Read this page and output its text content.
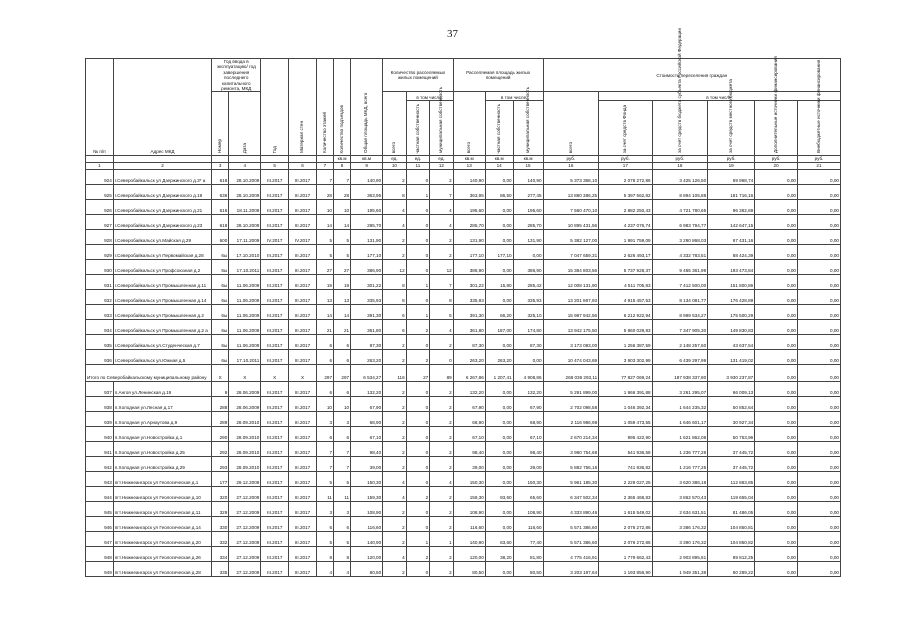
37
№ п/п	Адрес МКД	Год ввода в эксплуатацию/ год завершения последнего капитального ремонта, МКД		Год	Материал стен	Количество этажей	Количество подъездов	Общая площадь МКД, всего	Количество расселяемых жилых помещений			Расселяемая площадь жилых помещений			Стоимость переселения граждан					
		Номер	Дата						всего	в том числе:		всего	в том числе:		всего	в том числе:				
										частная собственность	муниципальная собственность		частная собственность	муниципальная собственность		за счет средств Фонда	за счет средств бюджета субъекта Российской Федерации	за счет средств местного бюджета	Дополнительные источники финансирования	Внебюджетные источники финансирования
							кв.м	кв.м	ед.	ед.	ед.	кв.м	кв.м	кв.м	руб.	руб.	руб.	руб.	руб.	руб.
1	2	3	4	5	6	7	8	9	10	11	12	13	14	15	16	17	18	19	20	21
924	г.Северобайкальск ул Дзержинского д.3* а	618	28.10.2009	III.2017	III.2017	7	7	140,90	2	0	2	140,90	0,00	140,90	5 373 368,10	2 078 272,86	3 425 126,50	69 968,74	0,00	0,00
925	г.Северобайкальск ул Дзержинского д.19	636	28.10.2009	III.2017	III.2017	28	28	363,95	8	1	7	363,95	86,50	277,45	13 880 386,25	5 397 562,82	8 894 105,88	181 716,16	0,00	0,00
926	г.Северобайкальск ул Дзержинского д.21	616	18.11.2009	III.2017	III.2017	10	10	195,60	4	0	4	195,60	0,00	195,60	7 560 470,10	2 882 250,43	4 721 780,65	96 362,69	0,00	0,00
927	г.Северобайкальск ул Дзержинского д.23	618	28.10.2009	III.2017	III.2017	14	14	285,70	4	0	4	285,70	0,00	285,70	10 895 431,56	4 237 076,74	6 983 794,77	142 647,15	0,00	0,00
928	г.Северобайкальск ул.Майская д.29	600	17.11.2009	IV.2017	IV.2017	5	5	131,90	2	0	2	131,90	0,00	131,90	5 382 127,00	1 991 759,09	3 290 868,03	67 431,16	0,00	0,00
929	г.Северобайкальск ул Первомайская д.28	6ы	17.10.2010	III.2017	III.2017	5	5	177,10	2	0	2	177,10	177,10	0,00	7 047 659,31	2 626 493,17	4 332 783,51	88 424,39	0,00	0,00
930	г.Северобайкальск ул Профсоюзная д.2	6ы	17.10.2011	III.2017	III.2017	27	27	386,90	12	0	12	386,90	0,00	386,90	15 384 803,56	5 737 928,37	9 465 361,99	193 473,84	0,00	0,00
931	г.Северобайкальск ул Промышленная д.11	6ы	11.06.2009	III.2017	III.2017	19	19	301,22	8	1	7	301,22	15,80	285,42	12 008 131,90	4 511 705,83	7 412 500,00	151 800,86	0,00	0,00
932	г.Северобайкальск ул Промышленная д.14	6ы	11.06.2009	III.2017	III.2017	13	13	335,93	8	0	8	335,93	0,00	335,93	13 201 867,93	4 915 457,53	8 134 081,77	176 428,89	0,00	0,00
933	г.Северобайкальск ул Промышленная д.2	6ы	11.06.2009	III.2017	III.2017	14	14	391,30	6	1	5	391,30	66,20	325,10	15 987 942,56	6 212 922,94	8 999 534,27	175 500,29	0,00	0,00
934	г.Северобайкальск ул Промышленная д.2 а	6ы	11.06.2009	III.2017	III.2017	21	21	361,80	6	2	4	361,80	187,00	174,80	13 942 175,50	5 860 029,83	7 347 905,30	149 830,83	0,00	0,00
935	г.Северобайкальск ул.Студенческая д.7	6ы	11.06.2009	III.2017	III.2017	6	6	87,30	2	0	2	87,30	0,00	87,30	3 173 083,00	1 256 387,59	2 148 257,60	43 637,54	0,00	0,00
936	г.Северобайкальск ул.Южная д.5	6ы	17.10.2011	III.2017	III.2017	6	6	263,20	2	2	0	263,20	263,20	0,00	10 474 043,69	3 903 302,99	6 439 297,99	131 419,02	0,00	0,00
Итого по Северобайкальскому муниципальному району		X	X	X	X	297	297	6 534,27	116	27	89	6 267,86	1 207,41	4 908,86	268 036 293,11	77 827 069,24	187 938 337,80	3 930 237,87	0,00	0,00
937	п.Ангоя ул.Ленинская д.19	9	28.06.2009	III.2017	III.2017	6	6	132,20	2	0	2	132,20	0,00	132,20	5 291 899,00	1 966 391,88	3 261 295,07	66 009,13	0,00	0,00
938	п.Холодная ул.Лесная д.17	288	28.06.2009	III.2017	III.2017	10	10	67,90	2	0	2	67,90	0,00	67,90	2 702 098,58	1 046 392,34	1 644 235,32	50 852,64	0,00	0,00
939	п.Холодная ул.Арнаутова д.9	289	28.09.2010	III.2017	III.2017	3	3	68,90	2	0	2	68,90	0,00	68,90	2 116 986,98	1 059 473,55	1 646 601,17	30 927,34	0,00	0,00
940	п.Холодная ул.Новостройка д.1	290	28.09.2010	III.2017	III.2017	6	6	67,10	2	0	2	67,10	0,00	67,10	2 670 214,34	995 422,90	1 621 862,08	50 753,96	0,00	0,00
941	п.Холодная ул.Новостройка д.25	292	28.09.2010	III.2017	III.2017	7	7	98,40	2	0	2	98,40	0,00	98,40	3 980 754,68	541 936,58	1 236 777,28	37 445,72	0,00	0,00
942	п.Холодная ул.Новостройка д.29	293	28.09.2010	III.2017	III.2017	7	7	39,00	2	0	2	39,00	0,00	39,00	5 882 756,16	741 936,82	1 216 777,25	37 445,72	0,00	0,00
943	пгт.Нижнеангарск ул Геологическая д.1	177	29.12.2009	III.2017	III.2017	5	5	150,30	4	0	4	150,30	0,00	150,30	5 961 185,30	2 229 027,25	3 620 386,18	112 863,85	0,00	0,00
944	пгт.Нижнеангарск ул Геологическая д.10	320	27.12.2009	III.2017	III.2017	11	11	159,30	4	2	2	159,30	93,60	65,60	6 347 502,34	2 365 468,83	3 862 570,43	119 655,04	0,00	0,00
945	пгт.Нижнеангарск ул Геологическая д.11	329	27.12.2009	III.2017	III.2017	3	3	108,90	2	0	2	108,90	0,00	108,90	4 333 890,46	1 615 549,02	2 634 631,51	81 486,05	0,00	0,00
946	пгт.Нижнеангарск ул Геологическая д.14	330	27.12.2009	III.2017	III.2017	6	6	116,60	2	0	2	116,60	0,00	116,60	5 571 386,60	2 076 272,86	3 386 176,32	104 850,81	0,00	0,00
947	пгт.Нижнеангарск ул Геологическая д.20	332	27.12.2009	III.2017	III.2017	5	5	140,90	2	1	1	140,90	63,60	77,40	5 571 386,60	2 076 272,86	3 390 176,32	104 850,82	0,00	0,00
948	пгт.Нижнеангарск ул Геологическая д.26	334	27.12.2009	III.2017	III.2017	8	8	120,00	4	2	2	120,00	38,20	81,80	4 775 416,91	1 779 662,43	2 903 895,61	89 812,25	0,00	0,00
949	пгт.Нижнеангарск ул Геологическая д.28	335	27.12.2009	III.2017	III.2017	4	4	80,50	2	0	2	80,50	0,00	80,50	3 203 197,64	1 193 856,90	1 949 351,38	60 289,22	0,00	0,00
